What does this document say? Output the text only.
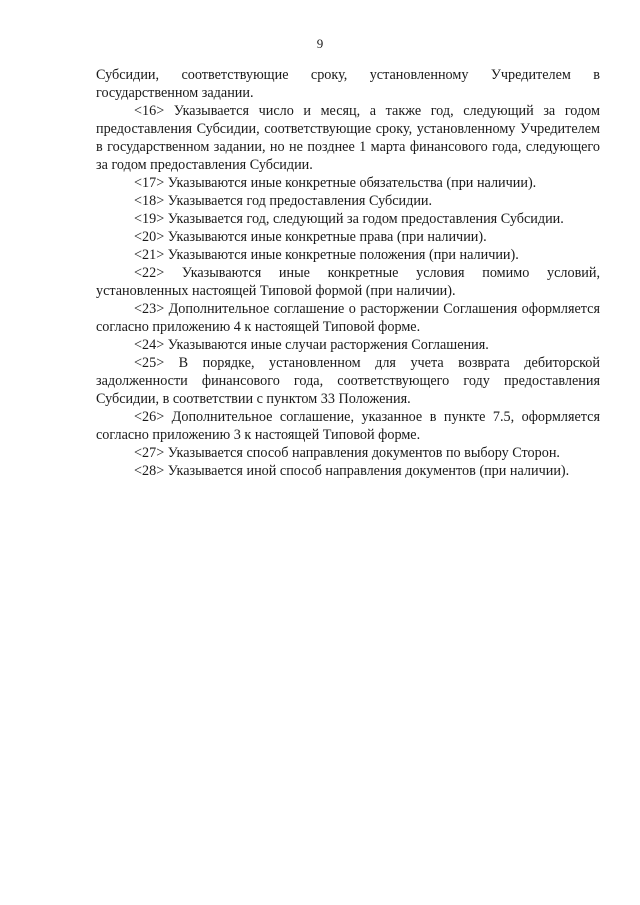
9

Субсидии, соответствующие сроку, установленному Учредителем в государственном задании.

<16> Указывается число и месяц, а также год, следующий за годом предоставления Субсидии, соответствующие сроку, установленному Учредителем в государственном задании, но не позднее 1 марта финансового года, следующего за годом предоставления Субсидии.

<17> Указываются иные конкретные обязательства (при наличии).

<18> Указывается год предоставления Субсидии.

<19> Указывается год, следующий за годом предоставления Субсидии.

<20> Указываются иные конкретные права (при наличии).

<21> Указываются иные конкретные положения (при наличии).

<22> Указываются иные конкретные условия помимо условий, установленных настоящей Типовой формой (при наличии).

<23> Дополнительное соглашение о расторжении Соглашения оформляется согласно приложению 4 к настоящей Типовой форме.

<24> Указываются иные случаи расторжения Соглашения.

<25> В порядке, установленном для учета возврата дебиторской задолженности финансового года, соответствующего году предоставления Субсидии, в соответствии с пунктом 33 Положения.

<26> Дополнительное соглашение, указанное в пункте 7.5, оформляется согласно приложению 3 к настоящей Типовой форме.

<27> Указывается способ направления документов по выбору Сторон.

<28> Указывается иной способ направления документов (при наличии).
